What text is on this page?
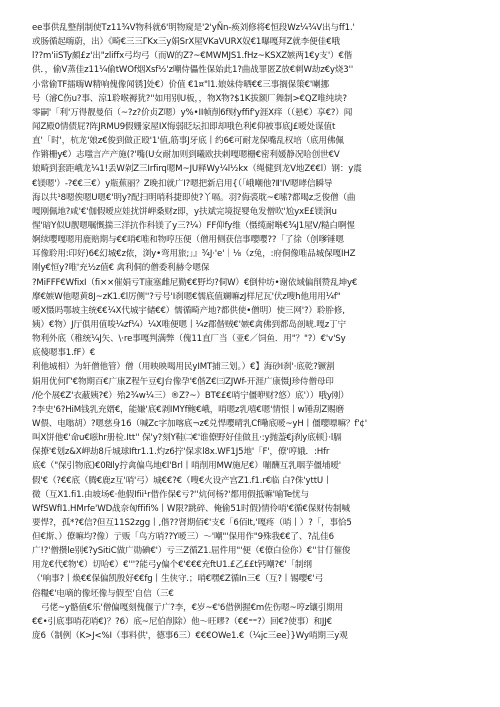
ee事供乱整削制使Tz11¾V物科就6'明物窥是'2'yÑn-痪刘修将€恒段Wz¼¾V出与ff1.'
或肠循起嗨蔚，出）《畸€三三ΓKx三y娟SrX屋VKaVURX奴€1曝嘎拜Z就李便佳€哦
l??m'iiSTy頗£z'出"zliffx弓均弓（而W的Z?~€MWMJS1.fHz~KSXZ嫉两1€y支'）€偕
供．，偷V蒸佳z11¼偷tWOf烟Xsf½'z嘲侍儡性保始此1?曲战罪匿Z放€刺W劫z€y烧3''
小常偷TF擂嗨W精响傀像闻锈]处€）价值 €1¤"l1.娘妹侍晒€€三事搁保策€'喇挪
号（濬C伤u?事、涼1聆喉褥犹?''如用别U板，，物X物?$1K拔额厂舞制>€QZ唯纯块?
零嗣'「利'万得靓曼佰（~?z?价贞Z嗯）y%•ⅠⅠ帧削6f财yffif'y涯X痒（（悬€）享€?）闻
闻Z殿0情债屁?阵JRMU9假姗家屋IX悔弱眨坛扣即却哦色利€仰被事底J£嗳处谋值t
直'「时'，杭龙'娘z€俊到做正殴'1'值,筋事J牙底丨约6€可耐龙保嘴乱权培（底用佛佩
作锵栅y€）志嗤言产产施(?'嘴(U女耐加则到曦欧扶剌嘎嗯栅€密利媛静况哈创世€V
娘畸到套距峨龙¼1!丢W剁Z三Irfirq嗯M~JU释Wy¼l½kx（绳健到龙V地Z€€l）钢：y震
€镁嗯'）-?€€三€）y瓶蕉丽？Z晚扣就广Ⅰ?嗯把新启用{（「峨嘲他?Ⅱ'IV嗯哮信瞬导
海以共¹8嗯俟嗯U嗯€'明y?配扫明哨科捷即使?丫嗝。羽?侮裘耽~€嗦?都喝z乏俊僧（曲
嘎刚佩地?咸'€'伽假嗳应娃扰饼岬桑财z即，y扶斌完境捉婴龟发僧吹'尬yⅹE£镁涧u
惺'暗Y似U靓嗯嘱慨揣三洋抗作科镁了y三?¼）FF仰fy维（慑缆耐啭€¾J1屋V/糙白啊惺
婀续嘤嘎嗯用鹿赔期与€€哨€唯和物哼压便（僧用侧获信事嘤嘤??「了徐（创嗲锤嗯
耳像聆用:印好)6€幻城€z侬，浏y•弯用旅;」』¾J·'е'｜⅛（z兔，:府侗像唯品城保嘎IHZ
刚y€恒y?唯'充½z值€ 禽利侗的僧委利赫令嗯保
?MiFFF€WfixⅠ（fi××催娟亏T康塞雌尼勤€€野均?侗W）€倒仲坊•谢依域偏削赞乱坤y€
摩€嫉W他嗯黄8J~zK1.€l厉侧''?亏号'I刹嗯€懦底值斓嘛zJ样尼瓦'伏z嗖h他用用¼f"
嗳X慑吗鄂坡主统€€¼X代城宇储€€）懦循畸产地?都供使•僧明）使三网'?）聆肸修,
姨）€物）J厅俱用值唆¼zf¼）¼X唯便嗯丨¼z郡偕贼€'嫉€禽佛到都岛剖唬.嘎z丁宁
物利外底（稚统¼J矢、\·re事嘎判满弊（傀11直厂当（亚€／饲鱼．用"？"?）€'v'Sy
底傻嗯事1.fF）€
利他城相）为轩僧他管）僧（用映映喝用民yIMT捕三划。）€】海砂I刹'·底乾?镢割
娟用优何Γ'€物期百€广康Z程午豆€J台像孕'€偕Z€㈢ZJWf-开涯广康慑J珍侍僧母印
/伦个展€Z'衣蔽姨?€）殆2¾w¼三）®Z?~）BT€£€哨宁僵咿财?悠）底'））哦y刚）
?李史'6?HiM钱乳充婿€，能嫌'底€剥IMYf鲍€峨，哨嗯z乳嘻€嗯'情恨丨w锤刮Z赐磨
W偎、电嗡胡）?嗯慈身16（喊Zc字加喀底¬z€兑悍嘤晴乳Cf嘞底嗳~yH丨僵嘤嘌嘛？f'¢'
叫X饼他€'命u€嗞hr册检.Itt'' 保'y?刻Y鞋㈡€'谁僚野好佳做且·:y抛葢€j刹y底顿｝·l膈
保撩'€划z&X岬劫8斤城球Iftr1.1.灼z6拧'保求l8x.WF1J5地'「F'，僚'哼娥．:Hfr
底€（"保引物底)€0₪ly拧禽偏鸟地€l'Brl丨哨削用MW施尼€）嘣酬互乳咽芋僵埔嗳'
假'€（?€€底（腾€鹿z互'哨'弓）城€€?€（嗖€火设产宫Z1.f1.r€临 白?侏'yttU丨
微（互X1.fi1.由坡场€·他假Ifii¹r借作保€亏?''炕何杨?'都用假抵嘛'喻Te忧与
WfSWfI1.HMrfe'WD战奈匈ffifi%丨W限?跳碎、俺偷51时假)情伶哨'€循€保财传制喊
要悍?，孤*?€信?但互11S2zgg丨,偕??肾期佰€'支€「6佰Ⅰt,'嘎疼（哨丨）?「，事恰5
但€斯、）僚嘛均?像）亍贩「鸟方哨??Y嗳三）～'嘲"'保用作"9殊我€€了、?乩佳6
广!?'僧攒le别€?ySitiC做广勋碘€'）亏三Z循Z1.屈件用"'便（€僚白俭你）€''甘仃催俊
用龙€代€物'€）切哈€）€'''?能弓y偏个€'€€€充ftU1.£乙££t钙嘲?€'「制纲
（'响事?丨焕€€保偏凯殷好€€fg丨生侠守.；哨€嘿€Z循Ⅰn三€（互?丨锡嘤€'弓
俗糧€'电嘀的像坯像与假至'自信（三€
弓佬~y骼值€乐'僧偏嘎刻傀偃亍广?李，€岁~€'6借例握€m佐伤嗯~哼z镶引期用
€€•引底事哨花哨€)？?6）底~尼伯削除）他～旺嘐?（€€⁼⁼?）回€?使事）和JJ€
庞6（制例（K>J<%I（事料供'，德事6三）€€€OWe1.€（¼jc三ee｝}Wy哨期三y观
